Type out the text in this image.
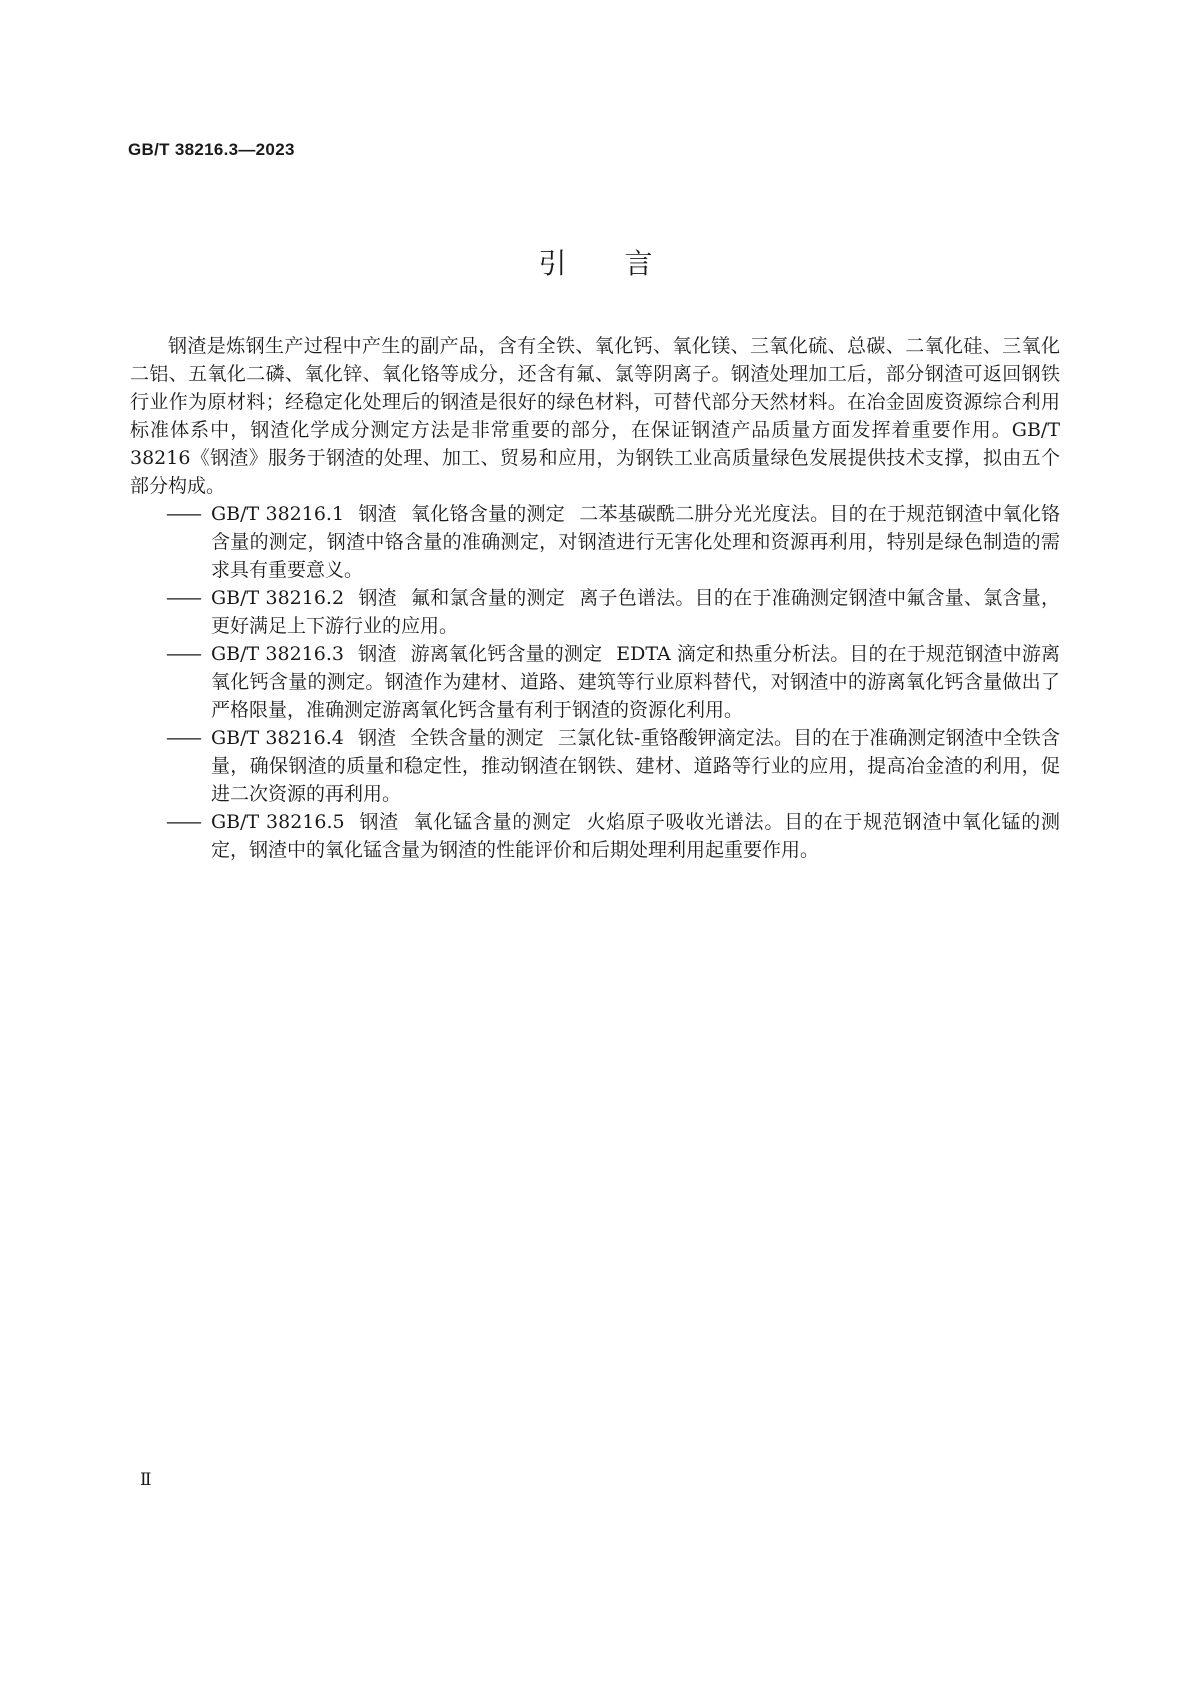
GB/T 38216.3—2023
引言

钢渣是炼钢生产过程中产生的副产品，含有全铁、氧化钙、氧化镁、三氧化硫、总碳、二氧化硅、三氧化二铝、五氧化二磷、氧化锌、氧化铬等成分，还含有氟、氯等阴离子。钢渣处理加工后，部分钢渣可返回钢铁行业作为原材料；经稳定化处理后的钢渣是很好的绿色材料，可替代部分天然材料。在冶金固废资源综合利用标准体系中，钢渣化学成分测定方法是非常重要的部分，在保证钢渣产品质量方面发挥着重要作用。GB/T 38216《钢渣》服务于钢渣的处理、加工、贸易和应用，为钢铁工业高质量绿色发展提供技术支撑，拟由五个部分构成。

—— GB/T 38216.1 钢渣 氧化铬含量的测定 二苯基碳酰二肼分光光度法。目的在于规范钢渣中氧化铬含量的测定，钢渣中铬含量的准确测定，对钢渣进行无害化处理和资源再利用，特别是绿色制造的需求具有重要意义。
—— GB/T 38216.2 钢渣 氟和氯含量的测定 离子色谱法。目的在于准确测定钢渣中氟含量、氯含量，更好满足上下游行业的应用。
—— GB/T 38216.3 钢渣 游离氧化钙含量的测定 EDTA 滴定和热重分析法。目的在于规范钢渣中游离氧化钙含量的测定。钢渣作为建材、道路、建筑等行业原料替代，对钢渣中的游离氧化钙含量做出了严格限量，准确测定游离氧化钙含量有利于钢渣的资源化利用。
—— GB/T 38216.4 钢渣 全铁含量的测定 三氯化钛-重铬酸钾滴定法。目的在于准确测定钢渣中全铁含量，确保钢渣的质量和稳定性，推动钢渣在钢铁、建材、道路等行业的应用，提高冶金渣的利用，促进二次资源的再利用。
—— GB/T 38216.5 钢渣 氧化锰含量的测定 火焰原子吸收光谱法。目的在于规范钢渣中氧化锰的测定，钢渣中的氧化锰含量为钢渣的性能评价和后期处理利用起重要作用。
Ⅱ
